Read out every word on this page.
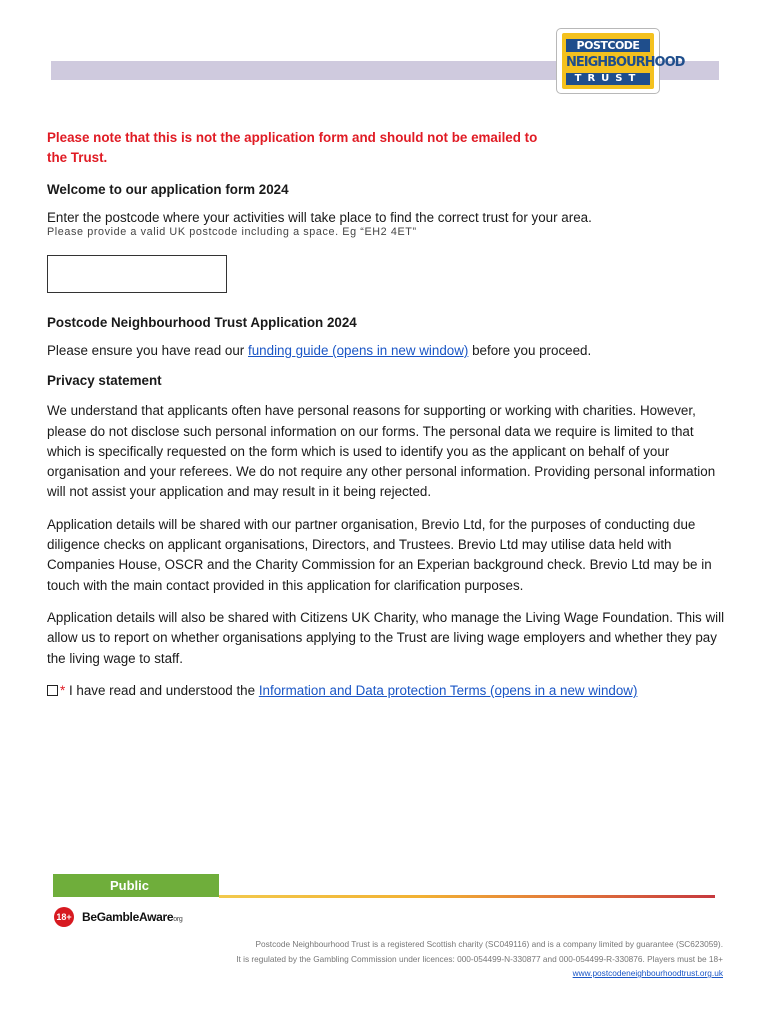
POSTCODE
NEIGHBOURHOOD
TRUST

Please note that this is not the application form and should not be emailed to the Trust.

Welcome to our application form 2024

Enter the postcode where your activities will take place to find the correct trust for your area.

Please provide a valid UK postcode including a space. Eg “EH2 4ET”

Postcode Neighbourhood Trust Application 2024

Please ensure you have read our funding guide (opens in new window) before you proceed.

Privacy statement

We understand that applicants often have personal reasons for supporting or working with charities. However, please do not disclose such personal information on our forms. The personal data we require is limited to that which is specifically requested on the form which is used to identify you as the applicant on behalf of your organisation and your referees. We do not require any other personal information. Providing personal information will not assist your application and may result in it being rejected.

Application details will be shared with our partner organisation, Brevio Ltd, for the purposes of conducting due diligence checks on applicant organisations, Directors, and Trustees. Brevio Ltd may utilise data held with Companies House, OSCR and the Charity Commission for an Experian background check. Brevio Ltd may be in touch with the main contact provided in this application for clarification purposes.

Application details will also be shared with Citizens UK Charity, who manage the Living Wage Foundation. This will allow us to report on whether organisations applying to the Trust are living wage employers and whether they pay the living wage to staff.

* I have read and understood the Information and Data protection Terms (opens in a new window)

Public
18+ BeGambleAwareorg
Postcode Neighbourhood Trust is a registered Scottish charity (SC049116) and is a company limited by guarantee (SC623059).
It is regulated by the Gambling Commission under licences: 000-054499-N-330877 and 000-054499-R-330876. Players must be 18+
www.postcodeneighbourhoodtrust.org.uk
